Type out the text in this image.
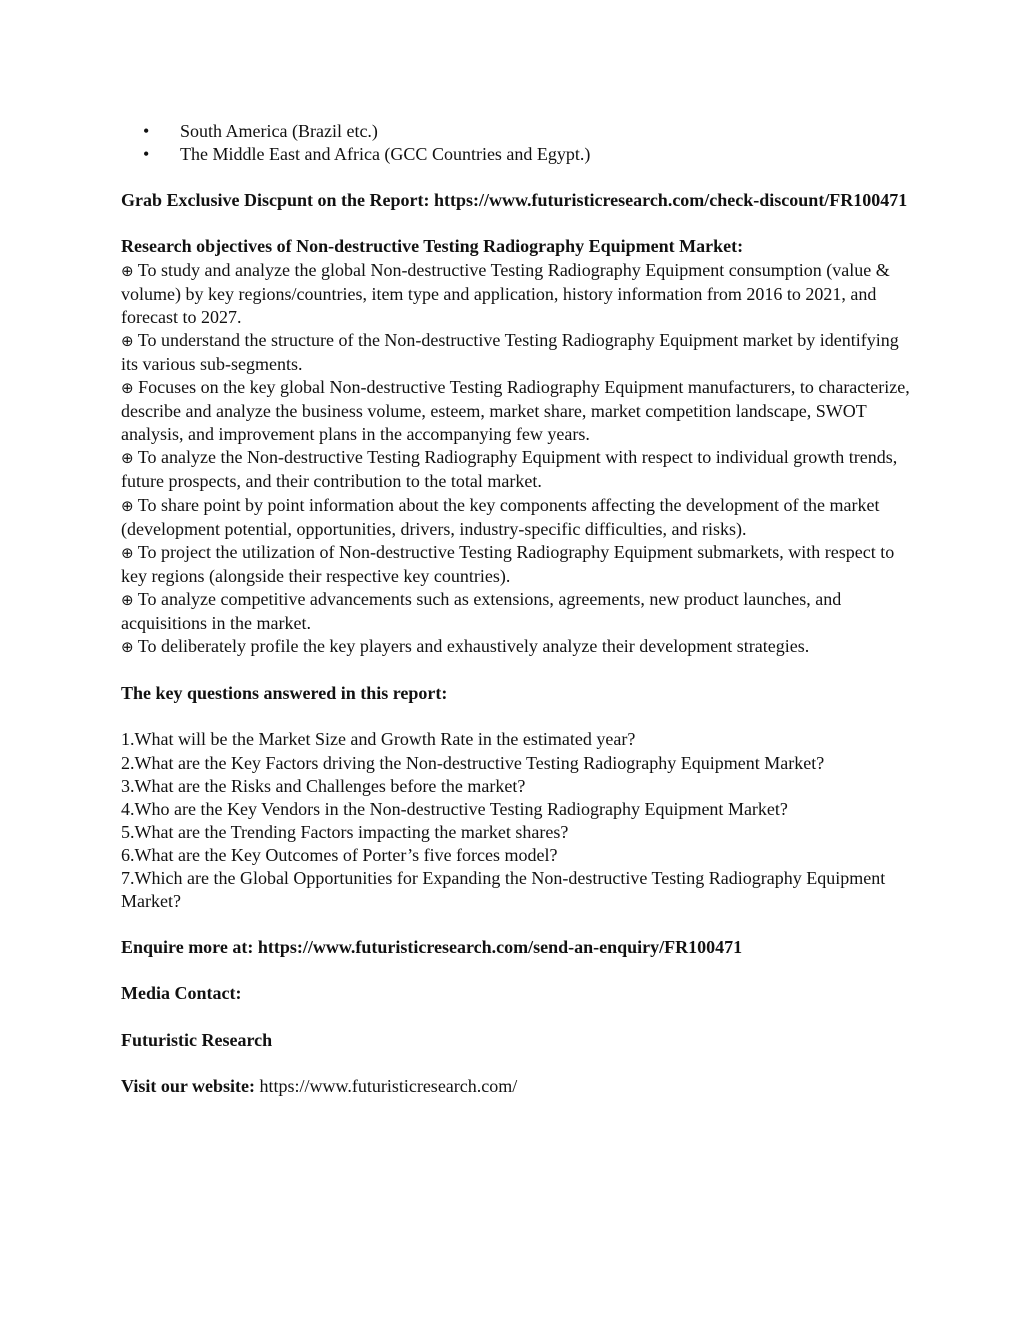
• South America (Brazil etc.)
• The Middle East and Africa (GCC Countries and Egypt.)

Grab Exclusive Discpunt on the Report: https://www.futuristicresearch.com/check-discount/FR100471

Research objectives of Non-destructive Testing Radiography Equipment Market:

⊕ To study and analyze the global Non-destructive Testing Radiography Equipment consumption (value & volume) by key regions/countries, item type and application, history information from 2016 to 2021, and forecast to 2027.
⊕ To understand the structure of the Non-destructive Testing Radiography Equipment market by identifying its various sub-segments.
⊕ Focuses on the key global Non-destructive Testing Radiography Equipment manufacturers, to characterize, describe and analyze the business volume, esteem, market share, market competition landscape, SWOT analysis, and improvement plans in the accompanying few years.
⊕ To analyze the Non-destructive Testing Radiography Equipment with respect to individual growth trends, future prospects, and their contribution to the total market.
⊕ To share point by point information about the key components affecting the development of the market (development potential, opportunities, drivers, industry-specific difficulties, and risks).
⊕ To project the utilization of Non-destructive Testing Radiography Equipment submarkets, with respect to key regions (alongside their respective key countries).
⊕ To analyze competitive advancements such as extensions, agreements, new product launches, and acquisitions in the market.
⊕ To deliberately profile the key players and exhaustively analyze their development strategies.

The key questions answered in this report:

1.What will be the Market Size and Growth Rate in the estimated year?

2.What are the Key Factors driving the Non-destructive Testing Radiography Equipment Market?

3.What are the Risks and Challenges before the market?

4.Who are the Key Vendors in the Non-destructive Testing Radiography Equipment Market?

5.What are the Trending Factors impacting the market shares?

6.What are the Key Outcomes of Porter’s five forces model?

7.Which are the Global Opportunities for Expanding the Non-destructive Testing Radiography Equipment Market?

Enquire more at: https://www.futuristicresearch.com/send-an-enquiry/FR100471

Media Contact:

Futuristic Research

Visit our website: https://www.futuristicresearch.com/
